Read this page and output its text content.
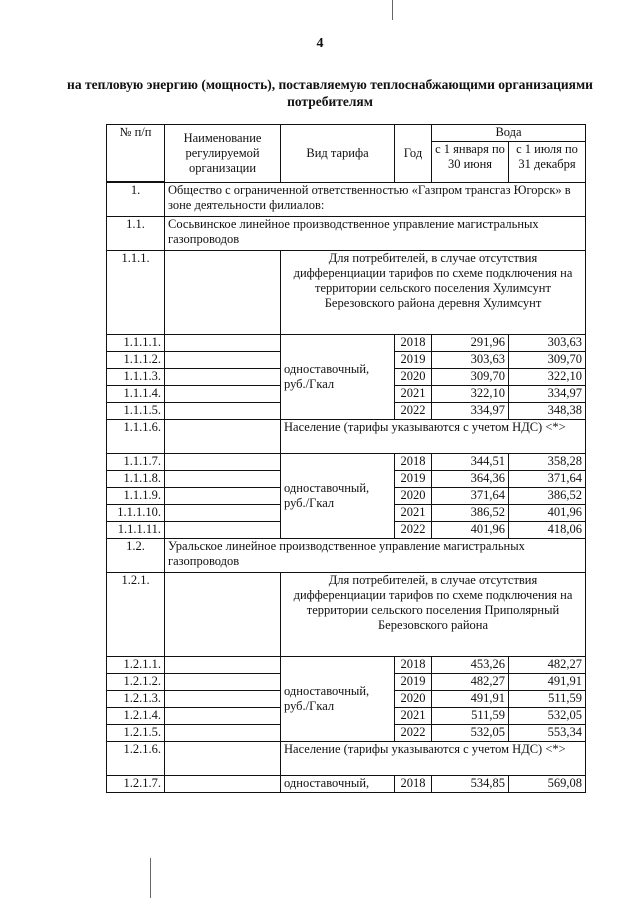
4
на тепловую энергию (мощность), поставляемую теплоснабжающими организациями потребителям
№ п/п	Наименование регулируемой организации	Вид тарифа	Год	Вода	
				с 1 января по 30 июня	с 1 июля по 31 декабря

1.	Общество с ограниченной ответственностью «Газпром трансгаз Югорск» в зоне деятельности филиалов:				
1.1.	Сосьвинское линейное производственное управление магистральных газопроводов				
1.1.1.		Для потребителей, в случае отсутствия дифференциации тарифов по схеме подключения на территории сельского поселения Хулимсунт Березовского района деревня Хулимсунт			
1.1.1.1.		одноставочный, руб./Гкал	2018	291,96	303,63
1.1.1.2.			2019	303,63	309,70
1.1.1.3.			2020	309,70	322,10
1.1.1.4.			2021	322,10	334,97
1.1.1.5.			2022	334,97	348,38
1.1.1.6.		Население (тарифы указываются с учетом НДС) <*>			
1.1.1.7.		одноставочный, руб./Гкал	2018	344,51	358,28
1.1.1.8.			2019	364,36	371,64
1.1.1.9.			2020	371,64	386,52
1.1.1.10.			2021	386,52	401,96
1.1.1.11.			2022	401,96	418,06
1.2.	Уральское линейное производственное управление магистральных газопроводов				
1.2.1.		Для потребителей, в случае отсутствия дифференциации тарифов по схеме подключения на территории сельского поселения Приполярный Березовского района			
1.2.1.1.		одноставочный, руб./Гкал	2018	453,26	482,27
1.2.1.2.			2019	482,27	491,91
1.2.1.3.			2020	491,91	511,59
1.2.1.4.			2021	511,59	532,05
1.2.1.5.			2022	532,05	553,34
1.2.1.6.		Население (тарифы указываются с учетом НДС) <*>			
1.2.1.7.		одноставочный,	2018	534,85	569,08
